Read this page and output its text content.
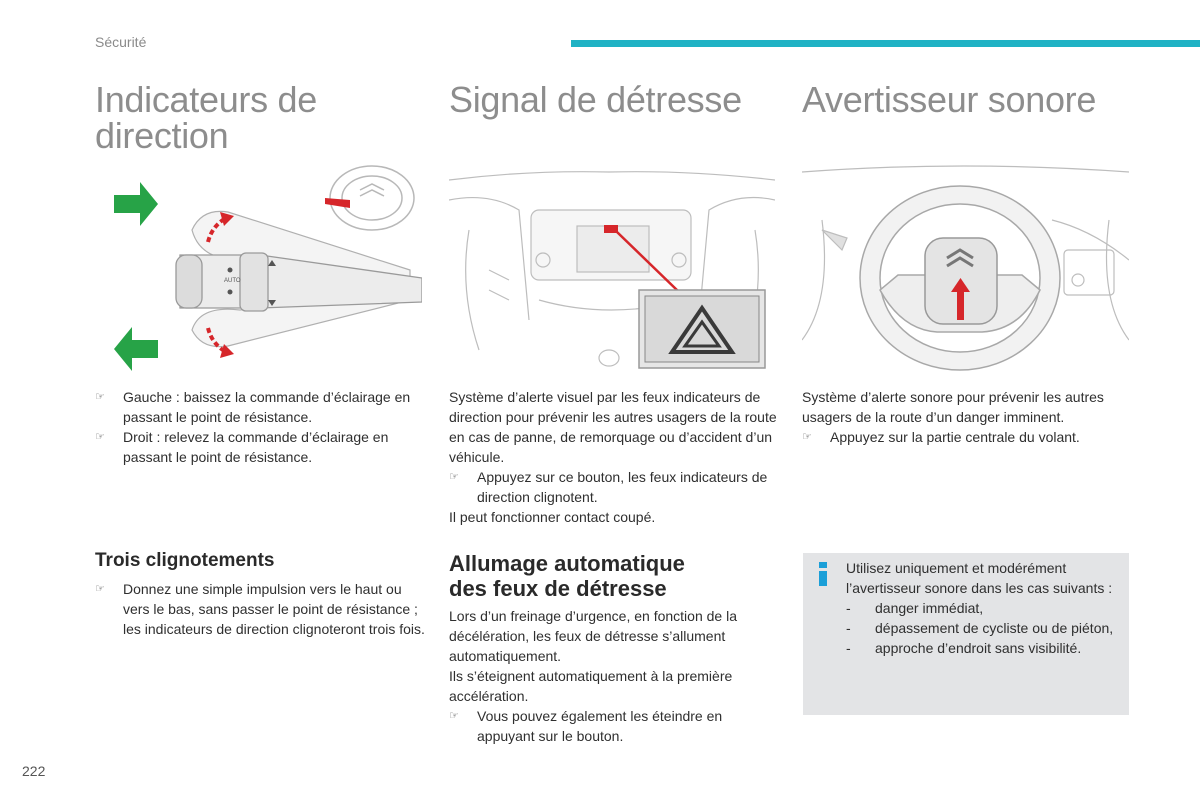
Sécurité
Indicateurs de
direction
AUTO
☞ Gauche : baissez la commande d’éclairage en passant le point de résistance.

☞ Droit : relevez la commande d’éclairage en passant le point de résistance.

Trois clignotements
☞ Donnez une simple impulsion vers le haut ou vers le bas, sans passer le point de résistance ; les indicateurs de direction clignoteront trois fois.

Signal de détresse

Système d’alerte visuel par les feux indicateurs de direction pour prévenir les autres usagers de la route en cas de panne, de remorquage ou d’accident d’un véhicule.

☞ Appuyez sur ce bouton, les feux indicateurs de direction clignotent.

Il peut fonctionner contact coupé.

Allumage automatique
des feux de détresse

Lors d’un freinage d’urgence, en fonction de la décélération, les feux de détresse s’allument automatiquement.

Ils s’éteignent automatiquement à la première accélération.

☞ Vous pouvez également les éteindre en appuyant sur le bouton.

Avertisseur sonore

Système d’alerte sonore pour prévenir les autres usagers de la route d’un danger imminent.

☞ Appuyez sur la partie centrale du volant.

Utilisez uniquement et modérément l’avertisseur sonore dans les cas suivants :

- danger immédiat,
- dépassement de cycliste ou de piéton,
- approche d’endroit sans visibilité.
222
